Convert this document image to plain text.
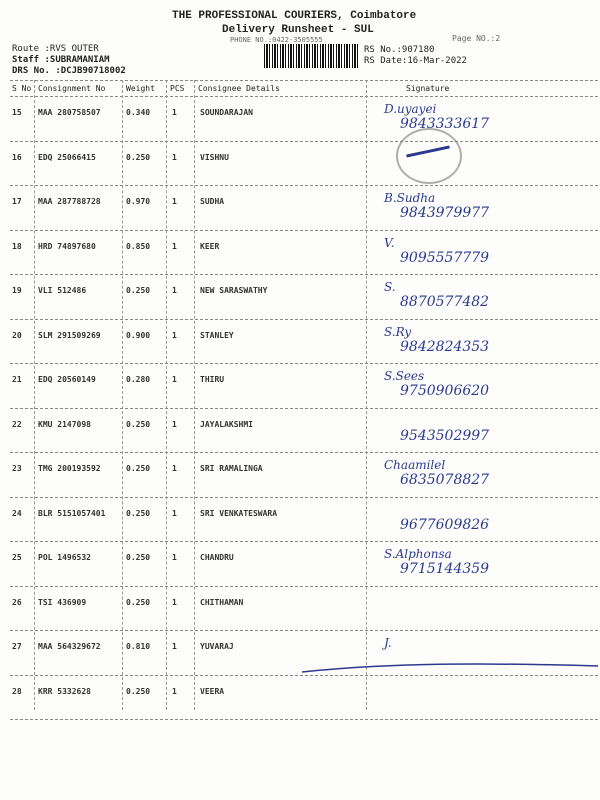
THE PROFESSIONAL COURIERS, Coimbatore
Delivery Runsheet - SUL
PHONE NO.:0422-3505555	Page NO.:2
Route :RVS OUTER
Staff :SUBRAMANIAM
DRS No. :DCJB90718002
RS No.:907180
RS Date:16-Mar-2022
S No Consignment No	Weight PCS Consignee Details	Signature
15 MAA 280758507	0.340	1	SOUNDARAJAN	D.uyayei
9843333617
16 EDQ 25066415	0.250	1	VISHNU
17 MAA 287788728	0.970	1	SUDHA	B.Sudha
9843979977
18 HRD 74897680	0.850	1	KEER	V.
9095557779
19 VLI 512486	0.250	1	NEW SARASWATHY	S.
8870577482
20 SLM 291509269	0.900	1	STANLEY	S.Ry
9842824353
21 EDQ 20560149	0.280	1	THIRU	S.Sees
9750906620
22 KMU 2147098	0.250	1	JAYALAKSHMI
9543502997
23 TMG 200193592	0.250	1	SRI RAMALINGA	Chaamilel
6835078827
24 BLR 5151057401	0.250	1	SRI VENKATESWARA
9677609826
25 POL 1496532	0.250	1	CHANDRU	S.Alphonsa
9715144359
26 TSI 436909	0.250	1	CHITHAMAN
27 MAA 564329672	0.810	1	YUVARAJ	J.
28 KRR 5332628	0.250	1	VEERA
